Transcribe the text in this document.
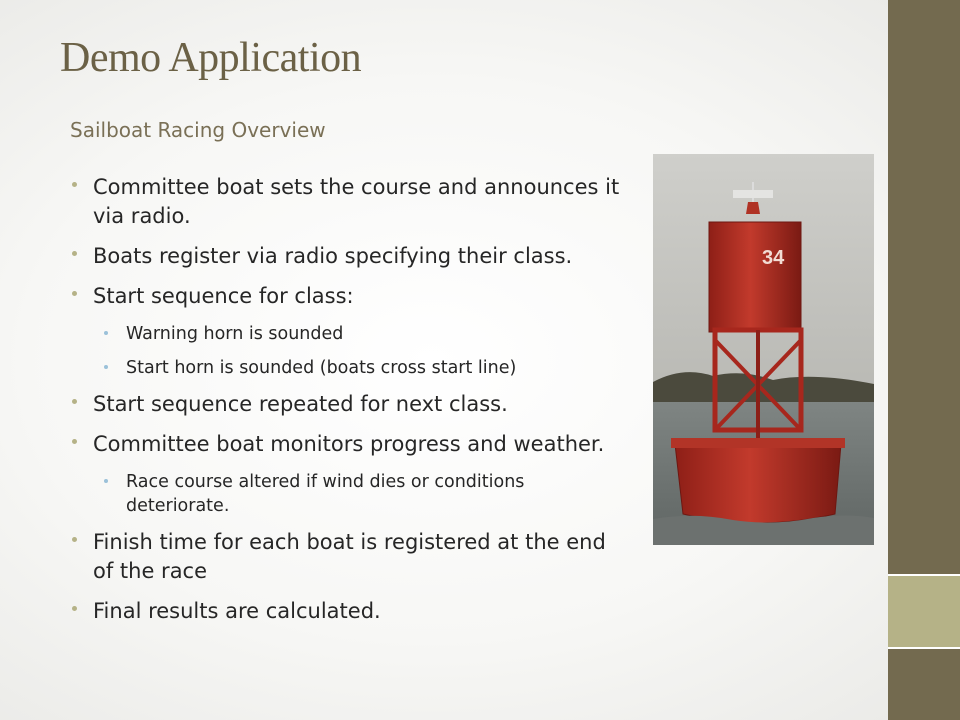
Demo Application
Sailboat Racing Overview
Committee boat sets the course and announces it via radio.
Boats register via radio specifying their class.
Start sequence for class:
Warning horn is sounded
Start horn is sounded (boats cross start line)
Start sequence repeated for next class.
Committee boat monitors progress and weather.
Race course altered if wind dies or conditions deteriorate.
Finish time for each boat is registered at the end of the race
Final results are calculated.
34
